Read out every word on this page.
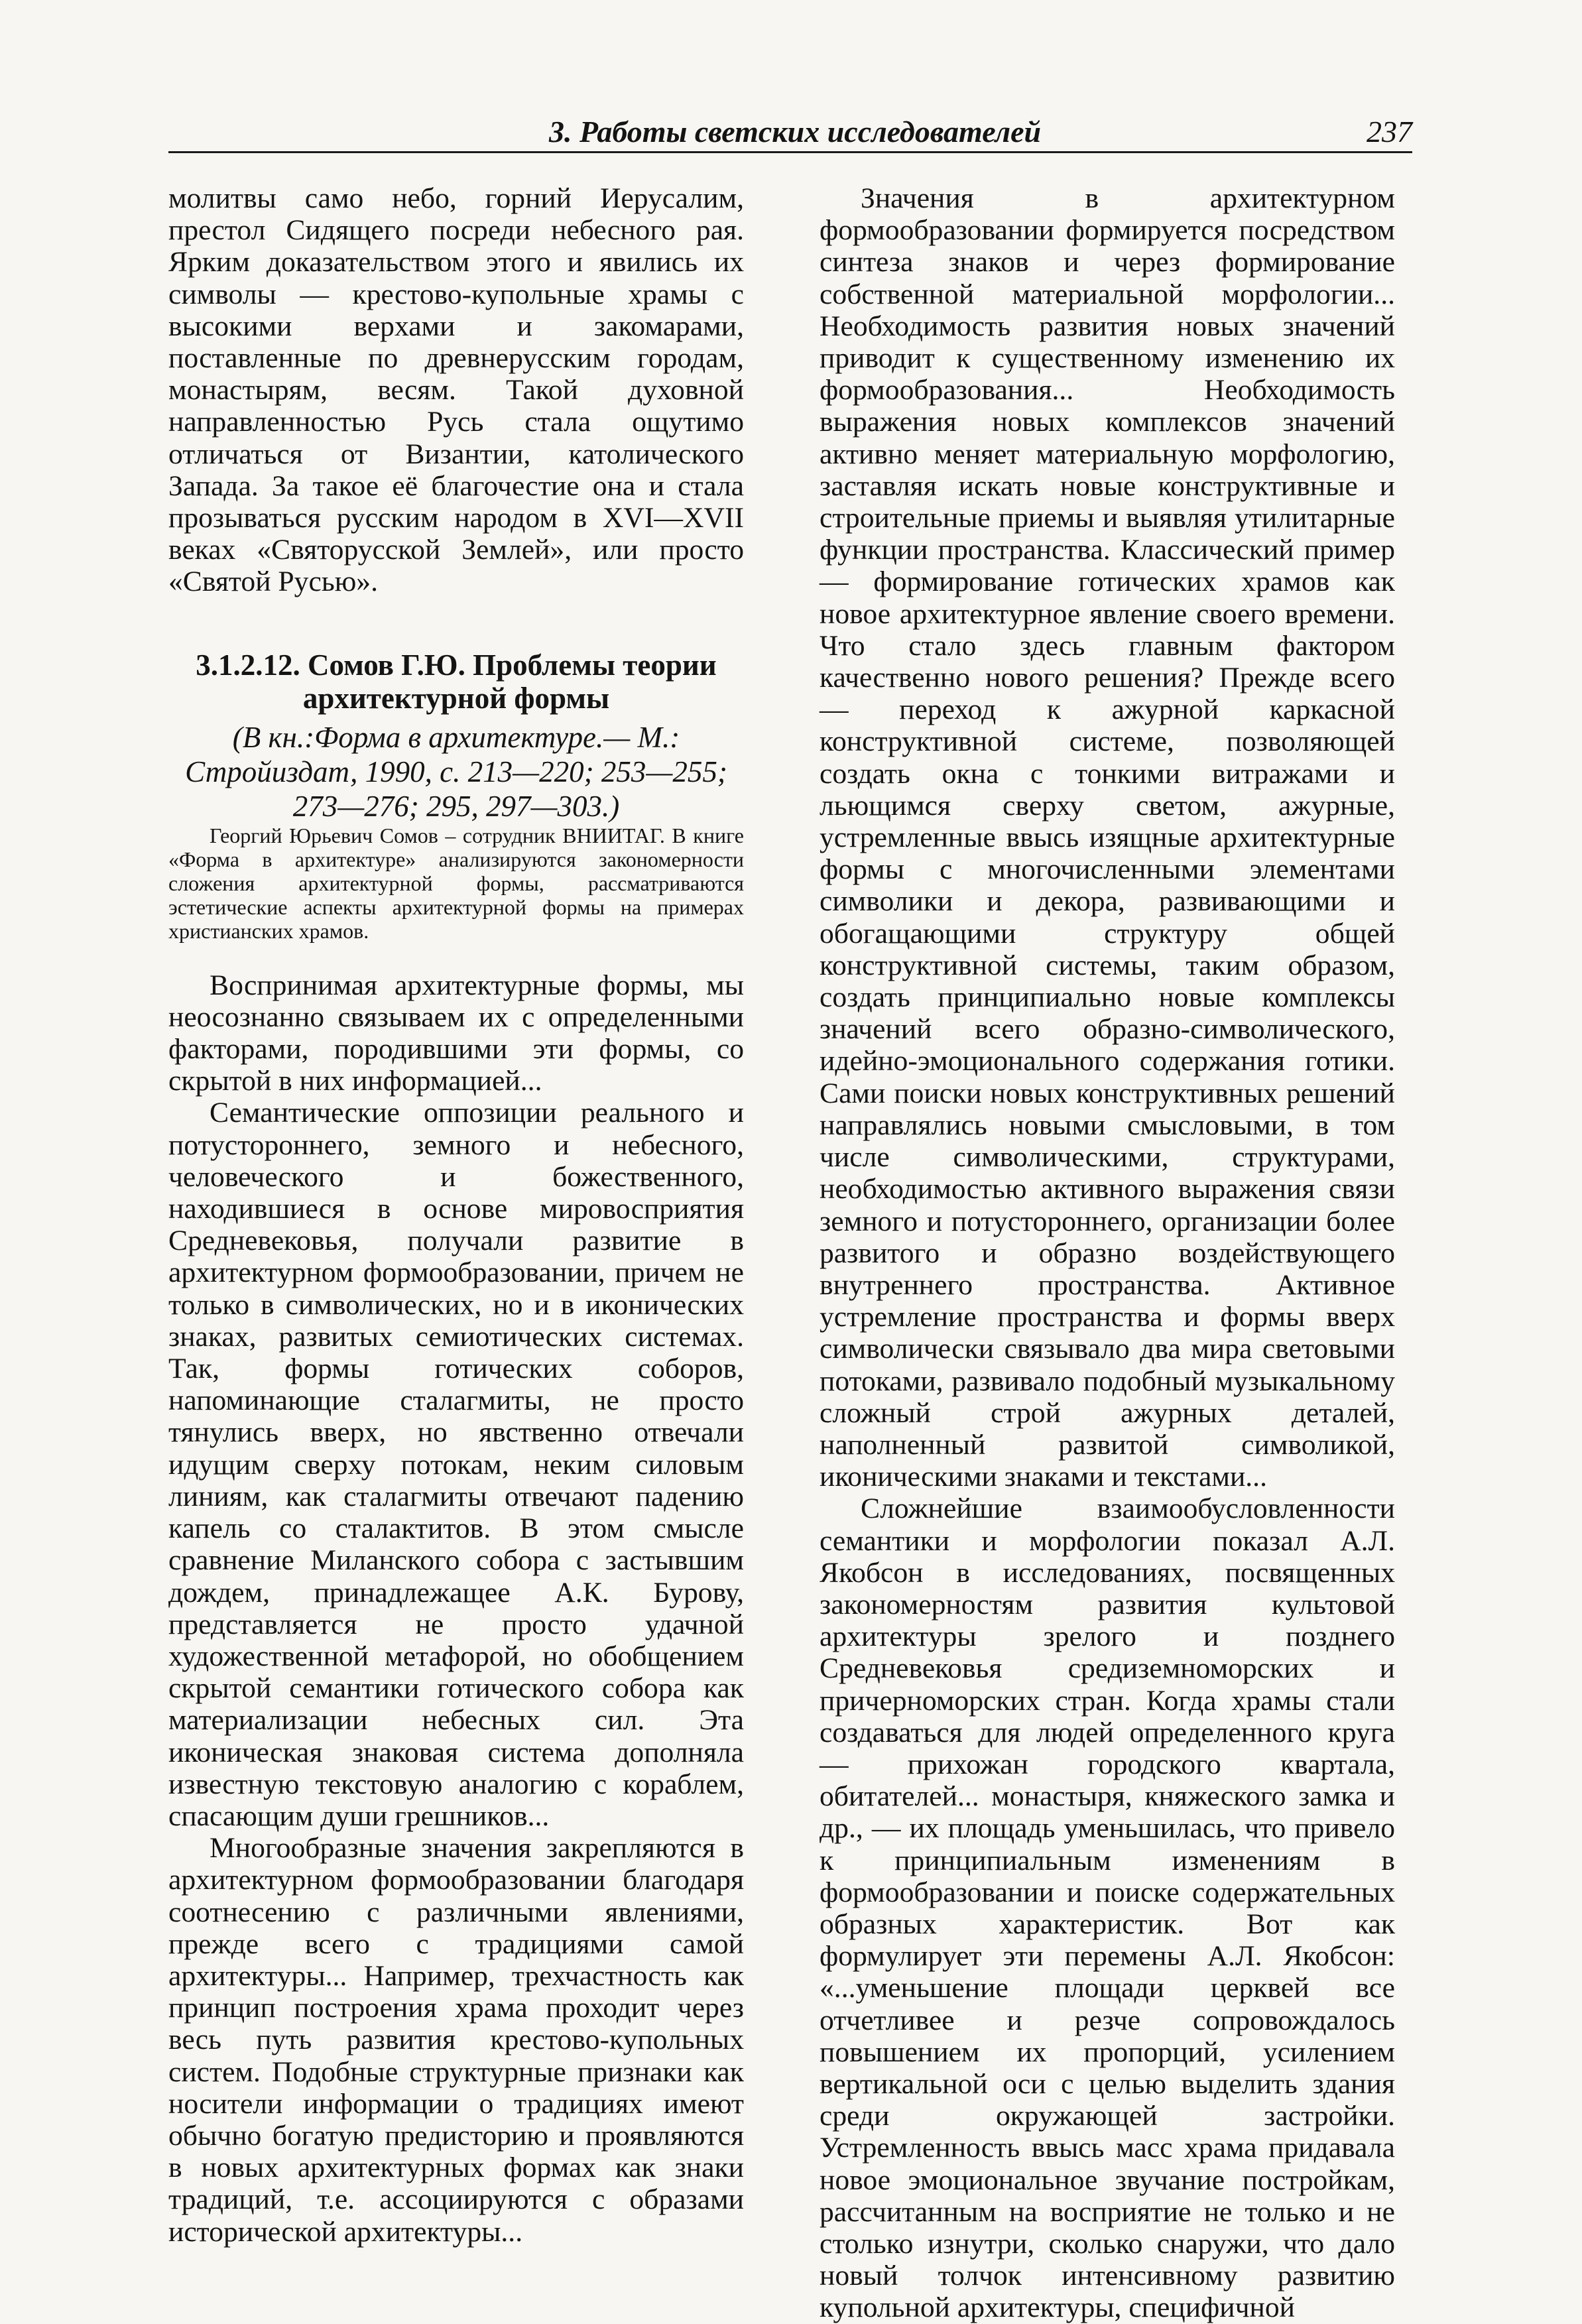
3. Работы светских исследователей	237

молитвы само небо, горний Иерусалим, престол Сидящего посреди небесного рая. Ярким доказательством этого и явились их символы — крестово-купольные храмы с высокими верхами и закомарами, поставленные по древнерусским городам, монастырям, весям. Такой духовной направленностью Русь стала ощутимо отличаться от Византии, католического Запада. За такое её благочестие она и стала прозываться русским народом в XVI—XVII веках «Святорусской Землей», или просто «Святой Русью».

3.1.2.12. Сомов Г.Ю. Проблемы теории
архитектурной формы
(В кн.:Форма в архитектуре.— М.:
Стройиздат, 1990, с. 213—220; 253—255;
273—276; 295, 297—303.)

Георгий Юрьевич Сомов – сотрудник ВНИИТАГ. В книге «Форма в архитектуре» анализируются закономерности сложения архитектурной формы, рассматриваются эстетические аспекты архитектурной формы на примерах христианских храмов.

Воспринимая архитектурные формы, мы неосознанно связываем их с определенными факторами, породившими эти формы, со скрытой в них информацией...

Семантические оппозиции реального и потустороннего, земного и небесного, человеческого и божественного, находившиеся в основе мировосприятия Средневековья, получали развитие в архитектурном формообразовании, причем не только в символических, но и в иконических знаках, развитых семиотических системах. Так, формы готических соборов, напоминающие сталагмиты, не просто тянулись вверх, но явственно отвечали идущим сверху потокам, неким силовым линиям, как сталагмиты отвечают падению капель со сталактитов. В этом смысле сравнение Миланского собора с застывшим дождем, принадлежащее А.К. Бурову, представляется не просто удачной художественной метафорой, но обобщением скрытой семантики готического собора как материализации небесных сил. Эта иконическая знаковая система дополняла известную текстовую аналогию с кораблем, спасающим души грешников...

Многообразные значения закрепляются в архитектурном формообразовании благодаря соотнесению с различными явлениями, прежде всего с традициями самой архитектуры... Например, трехчастность как принцип построения храма проходит через весь путь развития крестово-купольных систем. Подобные структурные признаки как носители информации о традициях имеют обычно богатую предисторию и проявляются в новых архитектурных формах как знаки традиций, т.е. ассоциируются с образами исторической архитектуры...

Значения в архитектурном формообразовании формируется посредством синтеза знаков и через формирование собственной материальной морфологии... Необходимость развития новых значений приводит к существенному изменению их формообразования... Необходимость выражения новых комплексов значений активно меняет материальную морфологию, заставляя искать новые конструктивные и строительные приемы и выявляя утилитарные функции пространства. Классический пример — формирование готических храмов как новое архитектурное явление своего времени. Что стало здесь главным фактором качественно нового решения? Прежде всего — переход к ажурной каркасной конструктивной системе, позволяющей создать окна с тонкими витражами и льющимся сверху светом, ажурные, устремленные ввысь изящные архитектурные формы с многочисленными элементами символики и декора, развивающими и обогащающими структуру общей конструктивной системы, таким образом, создать принципиально новые комплексы значений всего образно-символического, идейно-эмоционального содержания готики. Сами поиски новых конструктивных решений направлялись новыми смысловыми, в том числе символическими, структурами, необходимостью активного выражения связи земного и потустороннего, организации более развитого и образно воздействующего внутреннего пространства. Активное устремление пространства и формы вверх символически связывало два мира световыми потоками, развивало подобный музыкальному сложный строй ажурных деталей, наполненный развитой символикой, иконическими знаками и текстами...

Сложнейшие взаимообусловленности семантики и морфологии показал А.Л. Якобсон в исследованиях, посвященных закономерностям развития культовой архитектуры зрелого и позднего Средневековья средиземноморских и причерноморских стран. Когда храмы стали создаваться для людей определенного круга — прихожан городского квартала, обитателей... монастыря, княжеского замка и др., — их площадь уменьшилась, что привело к принципиальным изменениям в формообразовании и поиске содержательных образных характеристик. Вот как формулирует эти перемены А.Л. Якобсон: «...уменьшение площади церквей все отчетливее и резче сопровождалось повышением их пропорций, усилением вертикальной оси с целью выделить здания среди окружающей застройки. Устремленность ввысь масс храма придавала новое эмоциональное звучание постройкам, рассчитанным на восприятие не только и не столько изнутри, сколько снаружи, что дало новый толчок интенсивному развитию купольной архитектуры, специфичной
